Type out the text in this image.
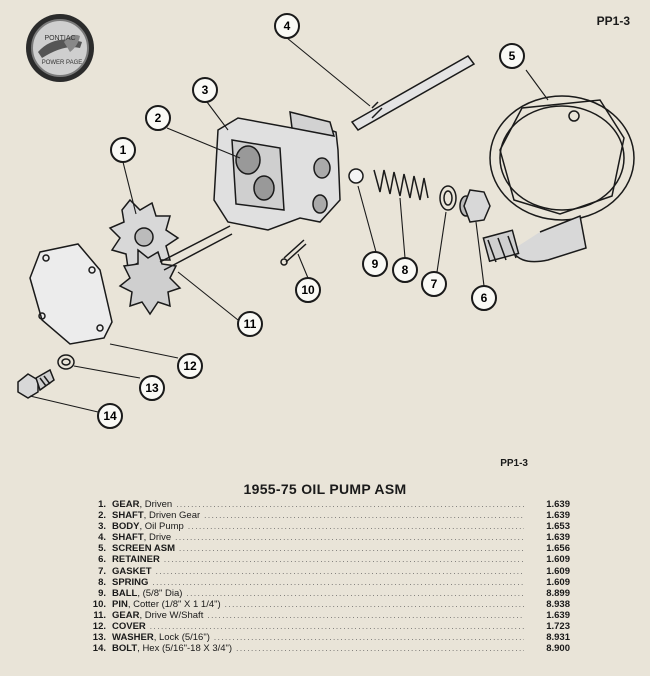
PP1-3
PONTIAC
POWER PAGE
1
2
3
4
5
6
7
8
9
10
11
12
13
14
PP1-3
1955-75 OIL PUMP ASM
1. GEAR , Driven .....	1.639
2. SHAFT , Driven Gear .....	1.639
3. BODY , Oil Pump .....	1.653
4. SHAFT , Drive .....	1.639
5. SCREEN ASM .....	1.656
6. RETAINER .....	1.609
7. GASKET .....	1.609
8. SPRING .....	1.609
9. BALL , (5/8" Dia) .....	8.899
10. PIN , Cotter (1/8" X 1 1/4") .....	8.938
11. GEAR , Drive W/Shaft .....	1.639
12. COVER .....	1.723
13. WASHER , Lock (5/16") .....	8.931
14. BOLT , Hex (5/16"-18 X 3/4") .....	8.900
